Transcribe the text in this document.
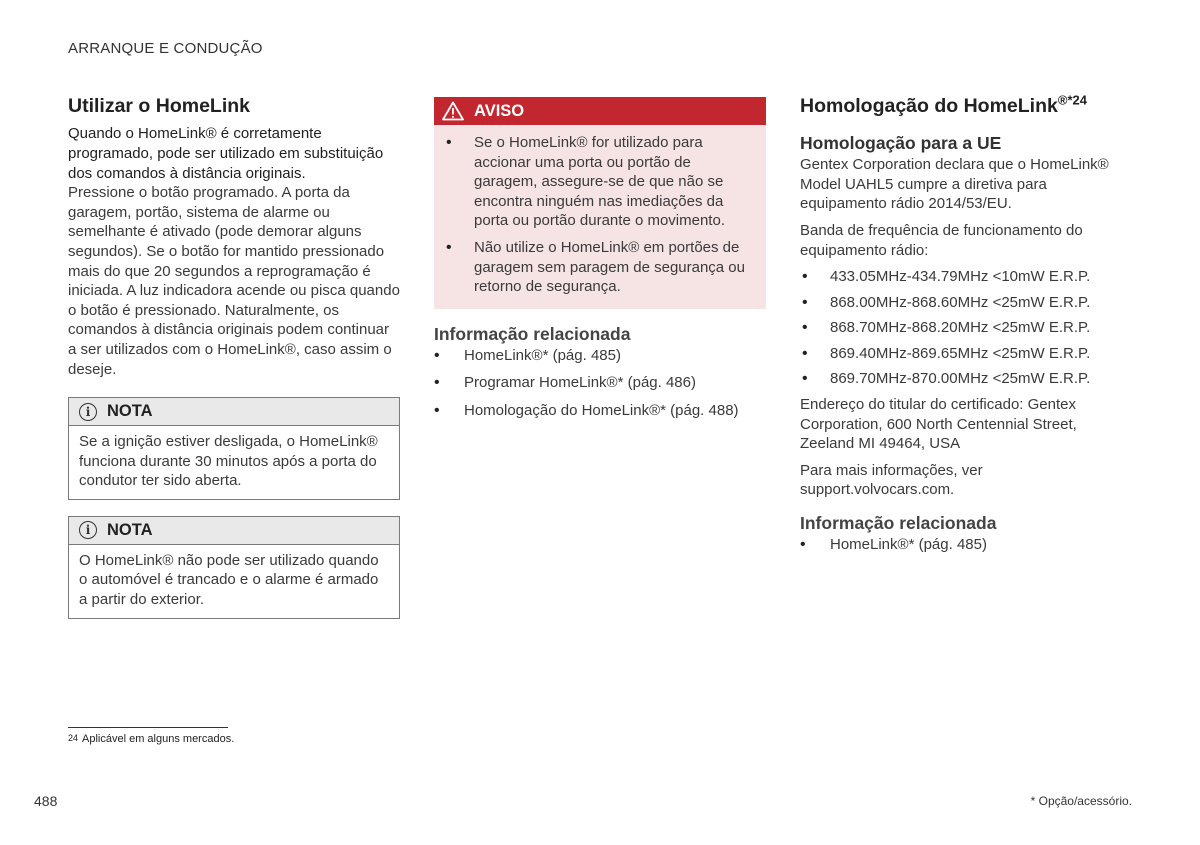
ARRANQUE E CONDUÇÃO
Utilizar o HomeLink

Quando o HomeLink® é corretamente programado, pode ser utilizado em substituição dos comandos à distância originais.

Pressione o botão programado. A porta da garagem, portão, sistema de alarme ou semelhante é ativado (pode demorar alguns segundos). Se o botão for mantido pressionado mais do que 20 segundos a reprogramação é iniciada. A luz indicadora acende ou pisca quando o botão é pressionado. Naturalmente, os comandos à distância originais podem continuar a ser utilizados com o HomeLink®, caso assim o deseje.

i	NOTA

Se a ignição estiver desligada, o HomeLink® funciona durante 30 minutos após a porta do condutor ter sido aberta.

i	NOTA

O HomeLink® não pode ser utilizado quando o automóvel é trancado e o alarme é armado a partir do exterior.

AVISO
• Se o HomeLink® for utilizado para accionar uma porta ou portão de garagem, assegure-se de que não se encontra ninguém nas imediações da porta ou portão durante o movimento.
• Não utilize o HomeLink® em portões de garagem sem paragem de segurança ou retorno de segurança.
Informação relacionada
• HomeLink®* (pág. 485)
• Programar HomeLink®* (pág. 486)
• Homologação do HomeLink®* (pág. 488)
Homologação do HomeLink$^{®*24}$
Homologação para a UE

Gentex Corporation declara que o HomeLink® Model UAHL5 cumpre a diretiva para equipamento rádio 2014/53/EU.

Banda de frequência de funcionamento do equipamento rádio:

• 433.05MHz-434.79MHz <10mW E.R.P.
• 868.00MHz-868.60MHz <25mW E.R.P.
• 868.70MHz-868.20MHz <25mW E.R.P.
• 869.40MHz-869.65MHz <25mW E.R.P.
• 869.70MHz-870.00MHz <25mW E.R.P.

Endereço do titular do certificado: Gentex Corporation, 600 North Centennial Street, Zeeland MI 49464, USA

Para mais informações, ver

support.volvocars.com.

Informação relacionada
• HomeLink®* (pág. 485)
$^{24}$ Aplicável em alguns mercados.
488	* Opção/acessório.
